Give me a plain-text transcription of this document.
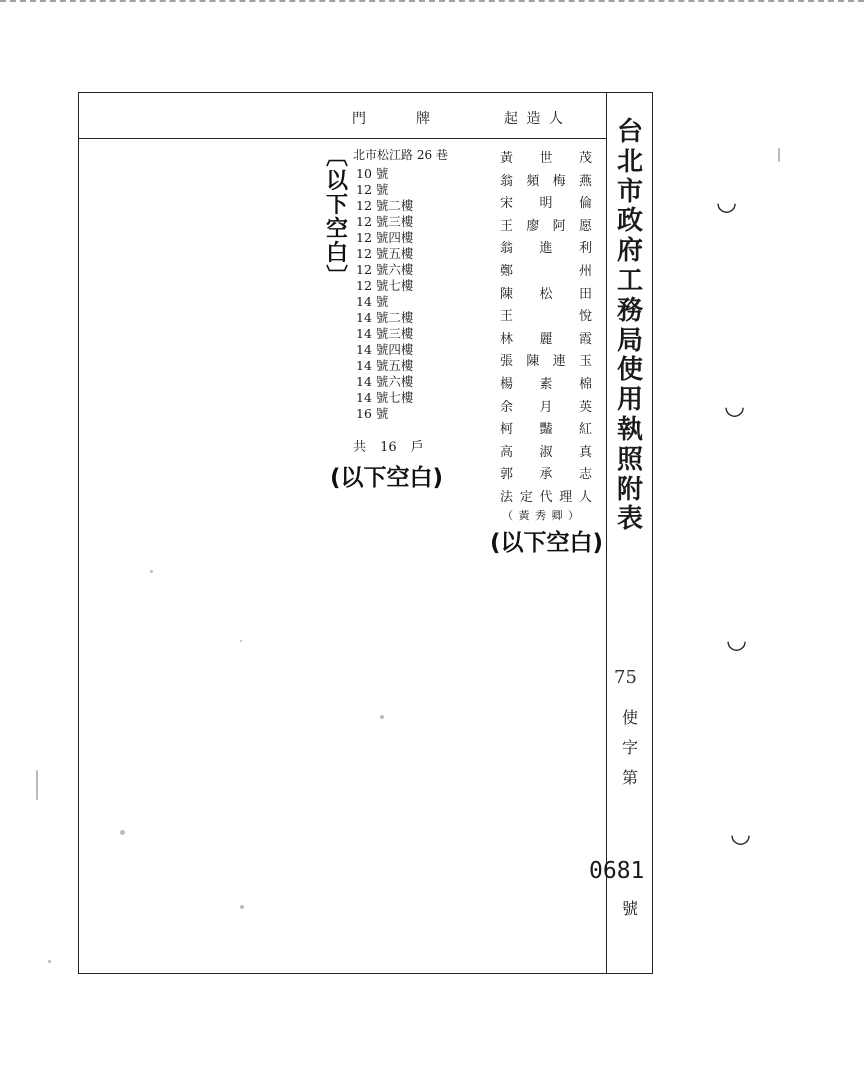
門　　　牌	起 造 人
北市松江路 26 巷
10 號
12 號
12 號二樓
12 號三樓
12 號四樓
12 號五樓
12 號六樓
12 號七樓
14 號
14 號二樓
14 號三樓
14 號四樓
14 號五樓
14 號六樓
14 號七樓
16 號
共 16 戶
黃 世 茂
翁 頻 梅 燕
宋 明 倫
王 廖 阿 愿
翁 進 利
鄭 　 州
陳 松 田
王 　 悅
林 麗 霞
張 陳 連 玉
楊 素 棉
余 月 英
柯 豔 紅
高 淑 真
郭 承 志
法 定 代 理 人
（ 黃 秀 卿 ）
︹
以
下
空
白
︺
(以下空白)
(以下空白)
台
北
市
政
府
工
務
局
使
用
執
照
附
表
75
使
字
第
0681
號
◡
◡
◡
◡
